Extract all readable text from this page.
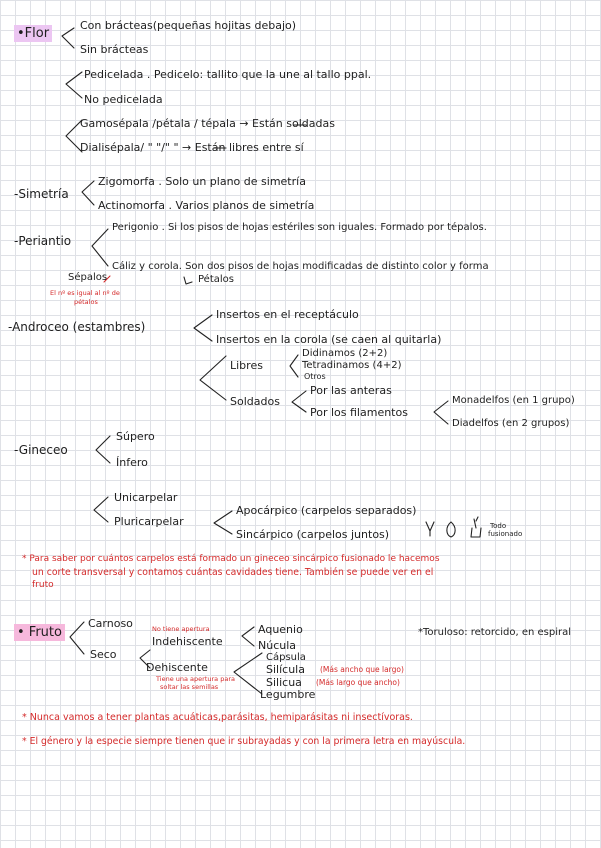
•Flor
Con brácteas(pequeñas hojitas debajo)
Sin brácteas
Pedicelada . Pedicelo: tallito que la une al tallo ppal.
No pedicelada
Gamosépala /pétala / tépala → Están soldadas
Dialisépala/ " "/" " → Están libres entre sí
-Simetría
Zigomorfa . Solo un plano de simetría
Actinomorfa . Varios planos de simetría
-Periantio
Perigonio . Si los pisos de hojas estériles son iguales. Formado por tépalos.
Cáliz y corola. Son dos pisos de hojas modificadas de distinto color y forma
Sépalos	Pétalos
El nº es igual al nº de
pétalos
-Androceo (estambres)
Insertos en el receptáculo
Insertos en la corola (se caen al quitarla)
Libres
Didinamos (2+2)
Tetradinamos (4+2)
Otros
Soldados
Por las anteras
Por los filamentos
Monadelfos (en 1 grupo)
Diadelfos (en 2 grupos)
-Gineceo
Súpero
Ínfero
Unicarpelar
Pluricarpelar
Apocárpico (carpelos separados)
Sincárpico (carpelos juntos)
Todo
fusionado
* Para saber por cuántos carpelos está formado un gineceo sincárpico fusionado le hacemos
un corte transversal y contamos cuántas cavidades tiene. También se puede ver en el
fruto
• Fruto
Carnoso
Seco
No tiene apertura
Indehiscente
Aquenio
Núcula
Dehiscente
Tiene una apertura para
soltar las semillas
Cápsula
Silícula (Más ancho que largo)
Silicua (Más largo que ancho)
Legumbre
*Toruloso: retorcido, en espiral
* Nunca vamos a tener plantas acuáticas,parásitas, hemiparásitas ni insectívoras.
* El género y la especie siempre tienen que ir subrayadas y con la primera letra en mayúscula.
